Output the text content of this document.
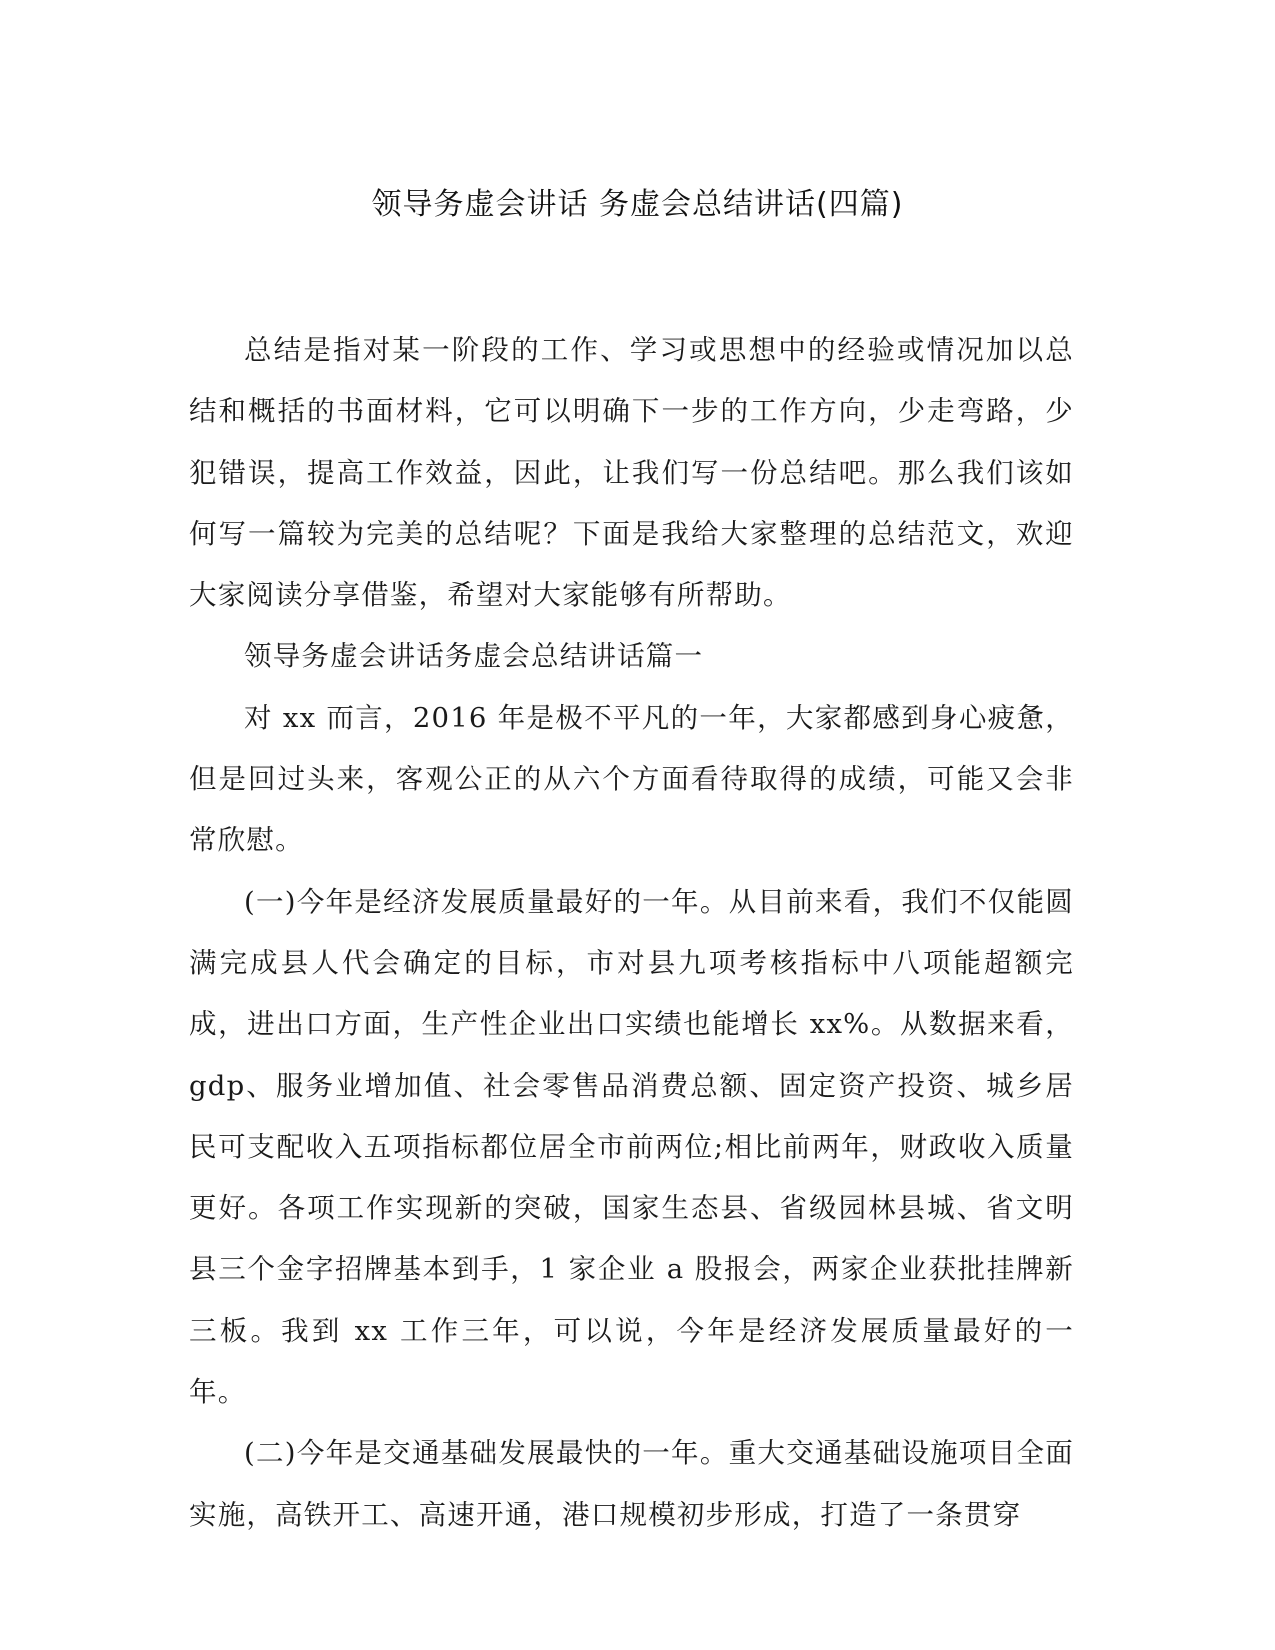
领导务虚会讲话 务虚会总结讲话(四篇)

总结是指对某一阶段的工作、学习或思想中的经验或情况加以总结和概括的书面材料，它可以明确下一步的工作方向，少走弯路，少犯错误，提高工作效益，因此，让我们写一份总结吧。那么我们该如何写一篇较为完美的总结呢？下面是我给大家整理的总结范文，欢迎大家阅读分享借鉴，希望对大家能够有所帮助。

领导务虚会讲话务虚会总结讲话篇一

对 xx 而言，2016 年是极不平凡的一年，大家都感到身心疲惫，但是回过头来，客观公正的从六个方面看待取得的成绩，可能又会非常欣慰。

(一)今年是经济发展质量最好的一年。从目前来看，我们不仅能圆满完成县人代会确定的目标，市对县九项考核指标中八项能超额完成，进出口方面，生产性企业出口实绩也能增长 xx%。从数据来看，gdp、服务业增加值、社会零售品消费总额、固定资产投资、城乡居民可支配收入五项指标都位居全市前两位;相比前两年，财政收入质量更好。各项工作实现新的突破，国家生态县、省级园林县城、省文明县三个金字招牌基本到手，1 家企业 a 股报会，两家企业获批挂牌新三板。我到 xx 工作三年，可以说，今年是经济发展质量最好的一年。

(二)今年是交通基础发展最快的一年。重大交通基础设施项目全面实施，高铁开工、高速开通，港口规模初步形成，打造了一条贯穿
